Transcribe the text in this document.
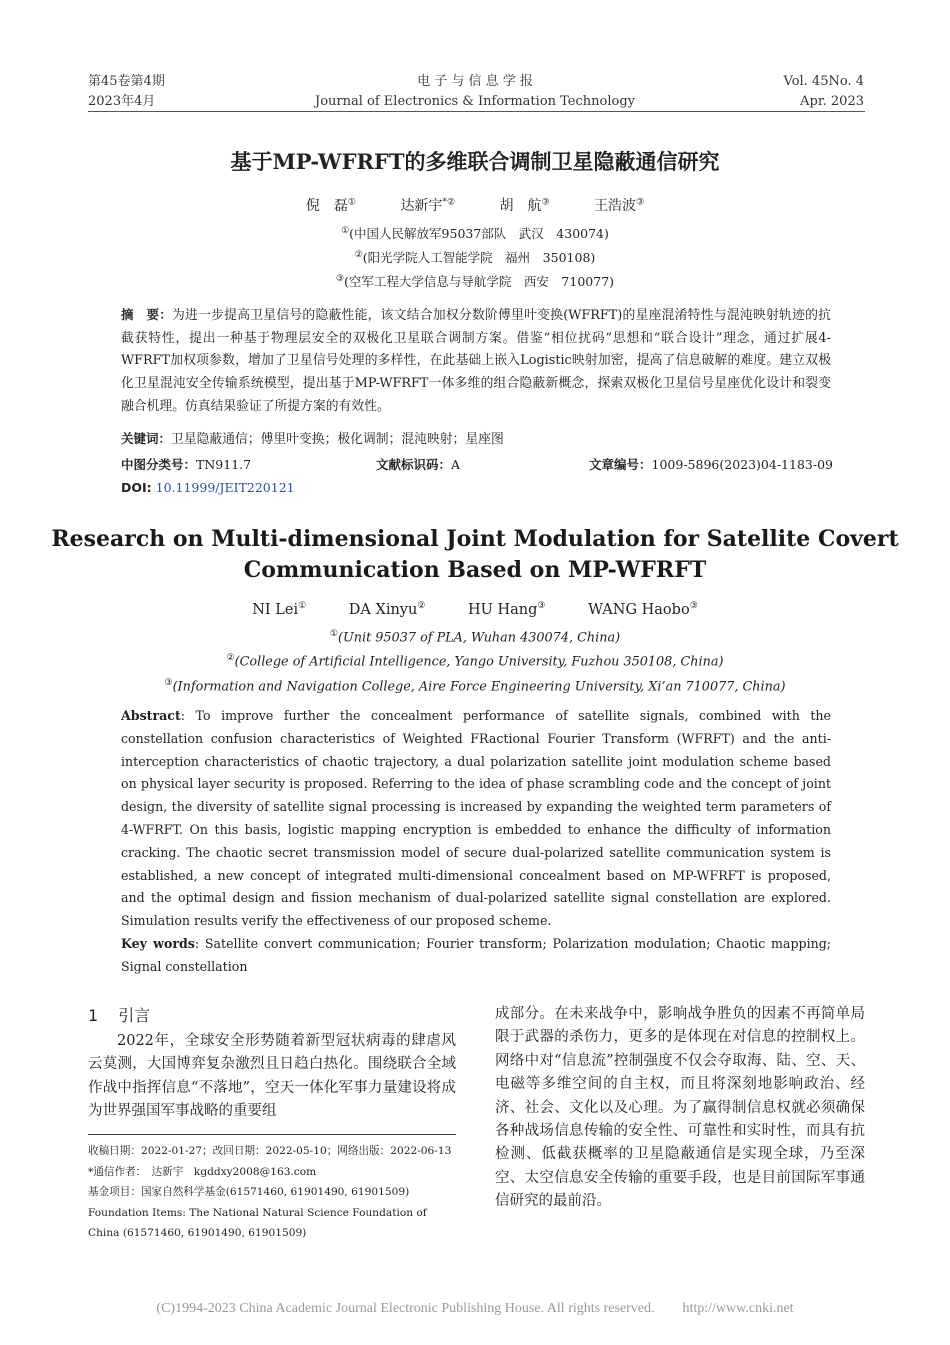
第45卷第4期
2023年4月
电 子 与 信 息 学 报
Journal of Electronics & Information Technology
Vol. 45No. 4
Apr. 2023
基于MP-WFRFT的多维联合调制卫星隐蔽通信研究
倪　磊①	达新宇*②	胡　航③	王浩波③
①(中国人民解放军95037部队　武汉　430074)
②(阳光学院人工智能学院　福州　350108)
③(空军工程大学信息与导航学院　西安　710077)
摘　要：为进一步提高卫星信号的隐蔽性能，该文结合加权分数阶傅里叶变换(WFRFT)的星座混淆特性与混沌映射轨迹的抗截获特性，提出一种基于物理层安全的双极化卫星联合调制方案。借鉴“相位扰码”思想和“联合设计”理念，通过扩展4-WFRFT加权项参数，增加了卫星信号处理的多样性，在此基础上嵌入Logistic映射加密，提高了信息破解的难度。建立双极化卫星混沌安全传输系统模型，提出基于MP-WFRFT一体多维的组合隐蔽新概念，探索双极化卫星信号星座优化设计和裂变融合机理。仿真结果验证了所提方案的有效性。
关键词：卫星隐蔽通信；傅里叶变换；极化调制；混沌映射；星座图
中图分类号：TN911.7	文献标识码：A	文章编号：1009-5896(2023)04-1183-09
DOI: 10.11999/JEIT220121
Research on Multi-dimensional Joint Modulation for Satellite Covert Communication Based on MP-WFRFT
NI Lei①	DA Xinyu②	HU Hang③	WANG Haobo③
①(Unit 95037 of PLA, Wuhan 430074, China)
②(College of Artificial Intelligence, Yango University, Fuzhou 350108, China)
③(Information and Navigation College, Aire Force Engineering University, Xi’an 710077, China)
Abstract: To improve further the concealment performance of satellite signals, combined with the constellation confusion characteristics of Weighted FRactional Fourier Transform (WFRFT) and the anti-interception characteristics of chaotic trajectory, a dual polarization satellite joint modulation scheme based on physical layer security is proposed. Referring to the idea of phase scrambling code and the concept of joint design, the diversity of satellite signal processing is increased by expanding the weighted term parameters of 4-WFRFT. On this basis, logistic mapping encryption is embedded to enhance the difficulty of information cracking. The chaotic secret transmission model of secure dual-polarized satellite communication system is established, a new concept of integrated multi-dimensional concealment based on MP-WFRFT is proposed, and the optimal design and fission mechanism of dual-polarized satellite signal constellation are explored. Simulation results verify the effectiveness of our proposed scheme.
Key words: Satellite convert communication; Fourier transform; Polarization modulation; Chaotic mapping; Signal constellation
1 引言
2022年，全球安全形势随着新型冠状病毒的肆虐风云莫测，大国博弈复杂激烈且日趋白热化。围绕联合全域作战中指挥信息“不落地”，空天一体化军事力量建设将成为世界强国军事战略的重要组
成部分。在未来战争中，影响战争胜负的因素不再简单局限于武器的杀伤力，更多的是体现在对信息的控制权上。网络中对“信息流”控制强度不仅会夺取海、陆、空、天、电磁等多维空间的自主权，而且将深刻地影响政治、经济、社会、文化以及心理。为了赢得制信息权就必须确保各种战场信息传输的安全性、可靠性和实时性，而具有抗检测、低截获概率的卫星隐蔽通信是实现全球，乃至深空、太空信息安全传输的重要手段，也是目前国际军事通信研究的最前沿。
收稿日期：2022-01-27；改回日期：2022-05-10；网络出版：2022-06-13
*通信作者：　达新宇　kgddxy2008@163.com
基金项目：国家自然科学基金(61571460, 61901490, 61901509)
Foundation Items: The National Natural Science Foundation of China (61571460, 61901490, 61901509)
(C)1994-2023 China Academic Journal Electronic Publishing House. All rights reserved.　　http://www.cnki.net
